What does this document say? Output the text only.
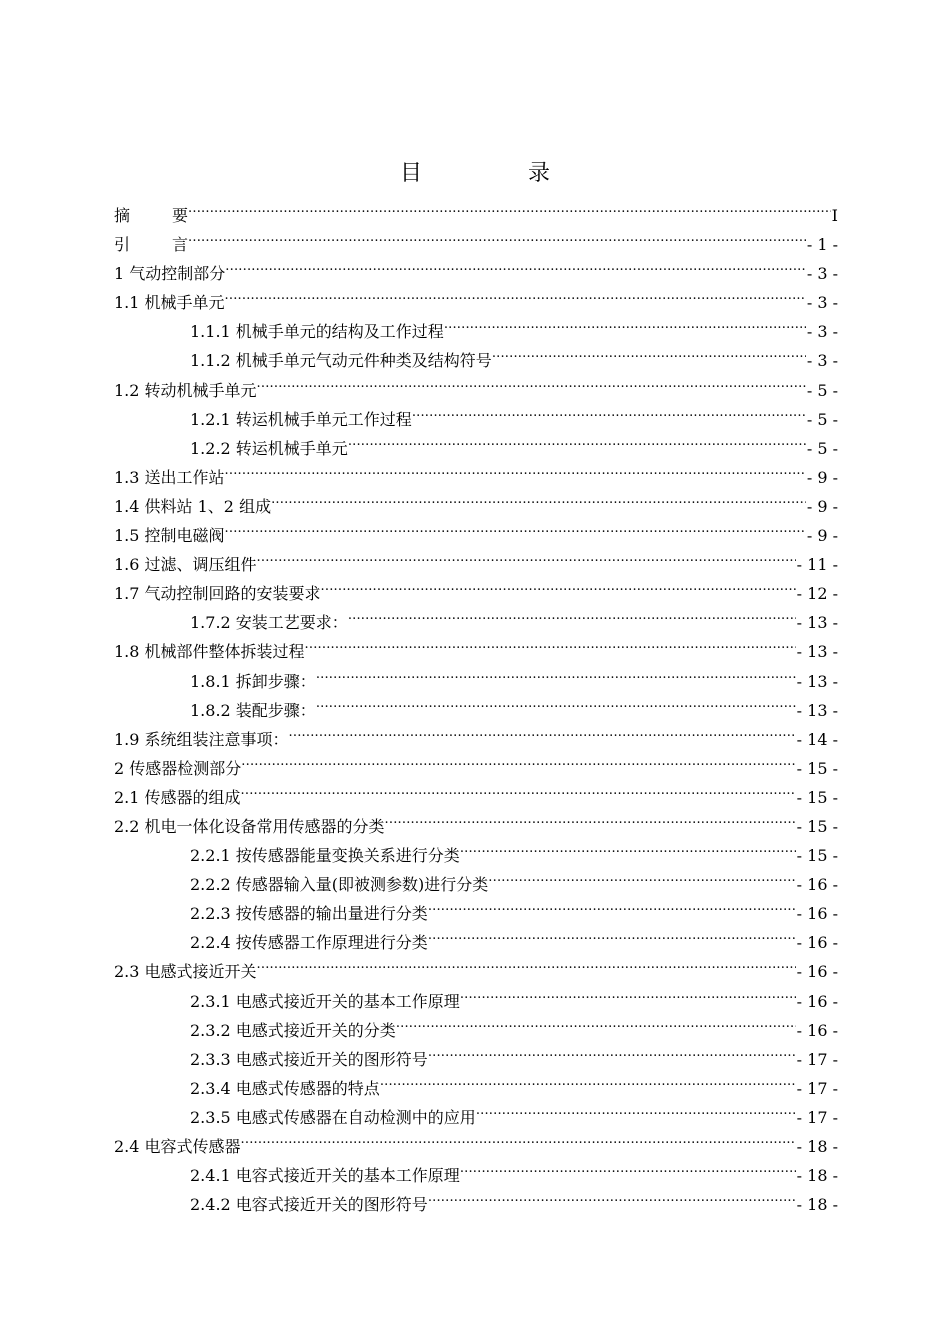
目　录
摘要 .....	I
引言 .....	- 1 -
1 气动控制部分 .....	- 3 -
1.1 机械手单元 .....	- 3 -
1.1.1 机械手单元的结构及工作过程 .....	- 3 -
1.1.2 机械手单元气动元件种类及结构符号 .....	- 3 -
1.2 转动机械手单元 .....	- 5 -
1.2.1 转运机械手单元工作过程 .....	- 5 -
1.2.2 转运机械手单元 .....	- 5 -
1.3 送出工作站 .....	- 9 -
1.4 供料站 1、2 组成 .....	- 9 -
1.5 控制电磁阀 .....	- 9 -
1.6 过滤、调压组件 .....	- 11 -
1.7 气动控制回路的安装要求 .....	- 12 -
1.7.2 安装工艺要求： .....	- 13 -
1.8 机械部件整体拆装过程 .....	- 13 -
1.8.1 拆卸步骤： .....	- 13 -
1.8.2 装配步骤： .....	- 13 -
1.9 系统组装注意事项： .....	- 14 -
2 传感器检测部分 .....	- 15 -
2.1 传感器的组成 .....	- 15 -
2.2 机电一体化设备常用传感器的分类 .....	- 15 -
2.2.1 按传感器能量变换关系进行分类 .....	- 15 -
2.2.2 传感器输入量(即被测参数)进行分类 .....	- 16 -
2.2.3 按传感器的输出量进行分类 .....	- 16 -
2.2.4 按传感器工作原理进行分类 .....	- 16 -
2.3 电感式接近开关 .....	- 16 -
2.3.1 电感式接近开关的基本工作原理 .....	- 16 -
2.3.2 电感式接近开关的分类 .....	- 16 -
2.3.3 电感式接近开关的图形符号 .....	- 17 -
2.3.4 电感式传感器的特点 .....	- 17 -
2.3.5 电感式传感器在自动检测中的应用 .....	- 17 -
2.4 电容式传感器 .....	- 18 -
2.4.1 电容式接近开关的基本工作原理 .....	- 18 -
2.4.2 电容式接近开关的图形符号 .....	- 18 -
